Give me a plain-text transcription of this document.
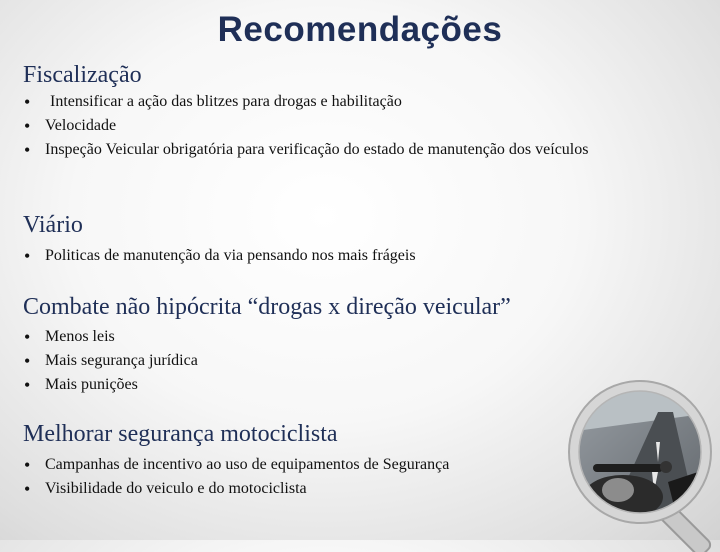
Recomendações
Fiscalização
• Intensificar a ação das blitzes para drogas e habilitação
• Velocidade
• Inspeção Veicular obrigatória para verificação do estado de manutenção dos veículos
Viário
• Politicas de manutenção da via pensando nos mais frágeis
Combate não hipócrita “drogas x direção veicular”
• Menos leis
• Mais segurança jurídica
• Mais punições
Melhorar segurança motociclista
• Campanhas de incentivo ao uso de equipamentos de Segurança
• Visibilidade do veiculo e do motociclista
